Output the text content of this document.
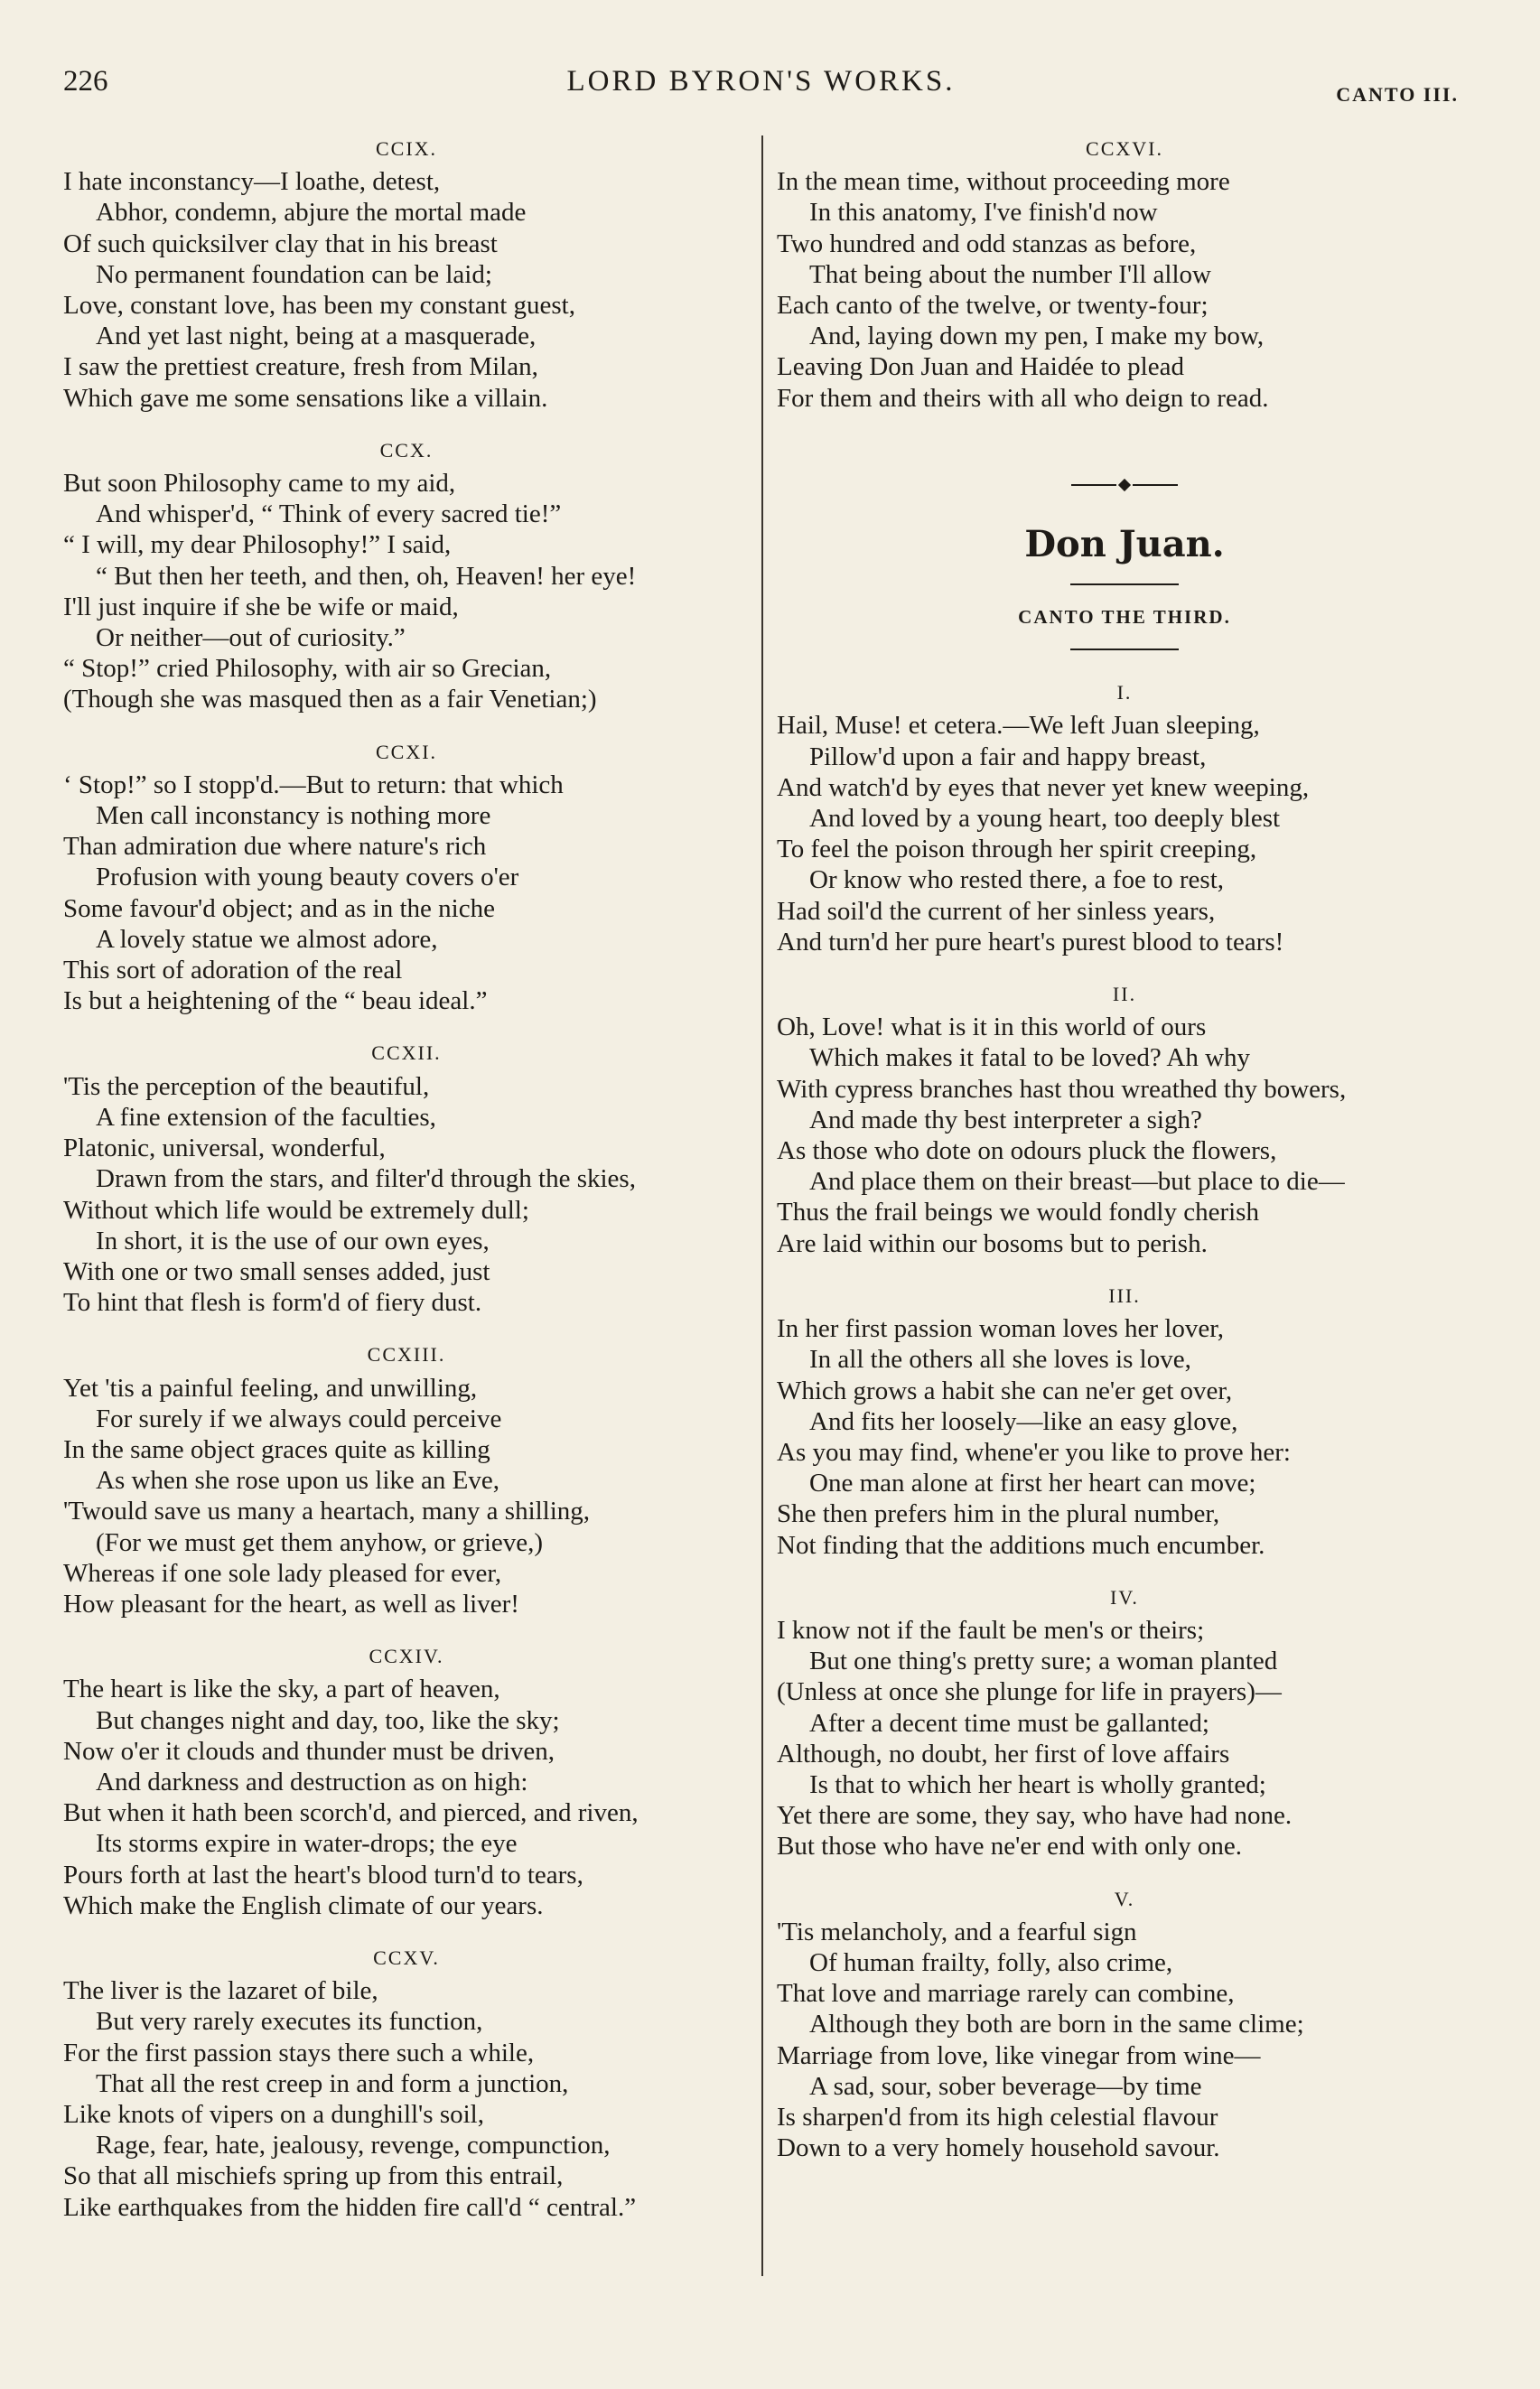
226	LORD BYRON'S WORKS.	CANTO III.
CCIX.
I hate inconstancy—I loathe, detest,
Abhor, condemn, abjure the mortal made
Of such quicksilver clay that in his breast
No permanent foundation can be laid;
Love, constant love, has been my constant guest,
And yet last night, being at a masquerade,
I saw the prettiest creature, fresh from Milan,
Which gave me some sensations like a villain.
CCX.
But soon Philosophy came to my aid,
And whisper'd, “ Think of every sacred tie!”
“ I will, my dear Philosophy!” I said,
“ But then her teeth, and then, oh, Heaven! her eye!
I'll just inquire if she be wife or maid,
Or neither—out of curiosity.”
“ Stop!” cried Philosophy, with air so Grecian,
(Though she was masqued then as a fair Venetian;)
CCXI.
‘ Stop!” so I stopp'd.—But to return: that which
Men call inconstancy is nothing more
Than admiration due where nature's rich
Profusion with young beauty covers o'er
Some favour'd object; and as in the niche
A lovely statue we almost adore,
This sort of adoration of the real
Is but a heightening of the “ beau ideal.”
CCXII.
'Tis the perception of the beautiful,
A fine extension of the faculties,
Platonic, universal, wonderful,
Drawn from the stars, and filter'd through the skies,
Without which life would be extremely dull;
In short, it is the use of our own eyes,
With one or two small senses added, just
To hint that flesh is form'd of fiery dust.
CCXIII.
Yet 'tis a painful feeling, and unwilling,
For surely if we always could perceive
In the same object graces quite as killing
As when she rose upon us like an Eve,
'Twould save us many a heartach, many a shilling,
(For we must get them anyhow, or grieve,)
Whereas if one sole lady pleased for ever,
How pleasant for the heart, as well as liver!
CCXIV.
The heart is like the sky, a part of heaven,
But changes night and day, too, like the sky;
Now o'er it clouds and thunder must be driven,
And darkness and destruction as on high:
But when it hath been scorch'd, and pierced, and riven,
Its storms expire in water-drops; the eye
Pours forth at last the heart's blood turn'd to tears,
Which make the English climate of our years.
CCXV.
The liver is the lazaret of bile,
But very rarely executes its function,
For the first passion stays there such a while,
That all the rest creep in and form a junction,
Like knots of vipers on a dunghill's soil,
Rage, fear, hate, jealousy, revenge, compunction,
So that all mischiefs spring up from this entrail,
Like earthquakes from the hidden fire call'd “ central.”
CCXVI.
In the mean time, without proceeding more
In this anatomy, I've finish'd now
Two hundred and odd stanzas as before,
That being about the number I'll allow
Each canto of the twelve, or twenty-four;
And, laying down my pen, I make my bow,
Leaving Don Juan and Haidée to plead
For them and theirs with all who deign to read.
Don Juan.
CANTO THE THIRD.
I.
Hail, Muse! et cetera.—We left Juan sleeping,
Pillow'd upon a fair and happy breast,
And watch'd by eyes that never yet knew weeping,
And loved by a young heart, too deeply blest
To feel the poison through her spirit creeping,
Or know who rested there, a foe to rest,
Had soil'd the current of her sinless years,
And turn'd her pure heart's purest blood to tears!
II.
Oh, Love! what is it in this world of ours
Which makes it fatal to be loved? Ah why
With cypress branches hast thou wreathed thy bowers,
And made thy best interpreter a sigh?
As those who dote on odours pluck the flowers,
And place them on their breast—but place to die—
Thus the frail beings we would fondly cherish
Are laid within our bosoms but to perish.
III.
In her first passion woman loves her lover,
In all the others all she loves is love,
Which grows a habit she can ne'er get over,
And fits her loosely—like an easy glove,
As you may find, whene'er you like to prove her:
One man alone at first her heart can move;
She then prefers him in the plural number,
Not finding that the additions much encumber.
IV.
I know not if the fault be men's or theirs;
But one thing's pretty sure; a woman planted
(Unless at once she plunge for life in prayers)—
After a decent time must be gallanted;
Although, no doubt, her first of love affairs
Is that to which her heart is wholly granted;
Yet there are some, they say, who have had none.
But those who have ne'er end with only one.
V.
'Tis melancholy, and a fearful sign
Of human frailty, folly, also crime,
That love and marriage rarely can combine,
Although they both are born in the same clime;
Marriage from love, like vinegar from wine—
A sad, sour, sober beverage—by time
Is sharpen'd from its high celestial flavour
Down to a very homely household savour.
